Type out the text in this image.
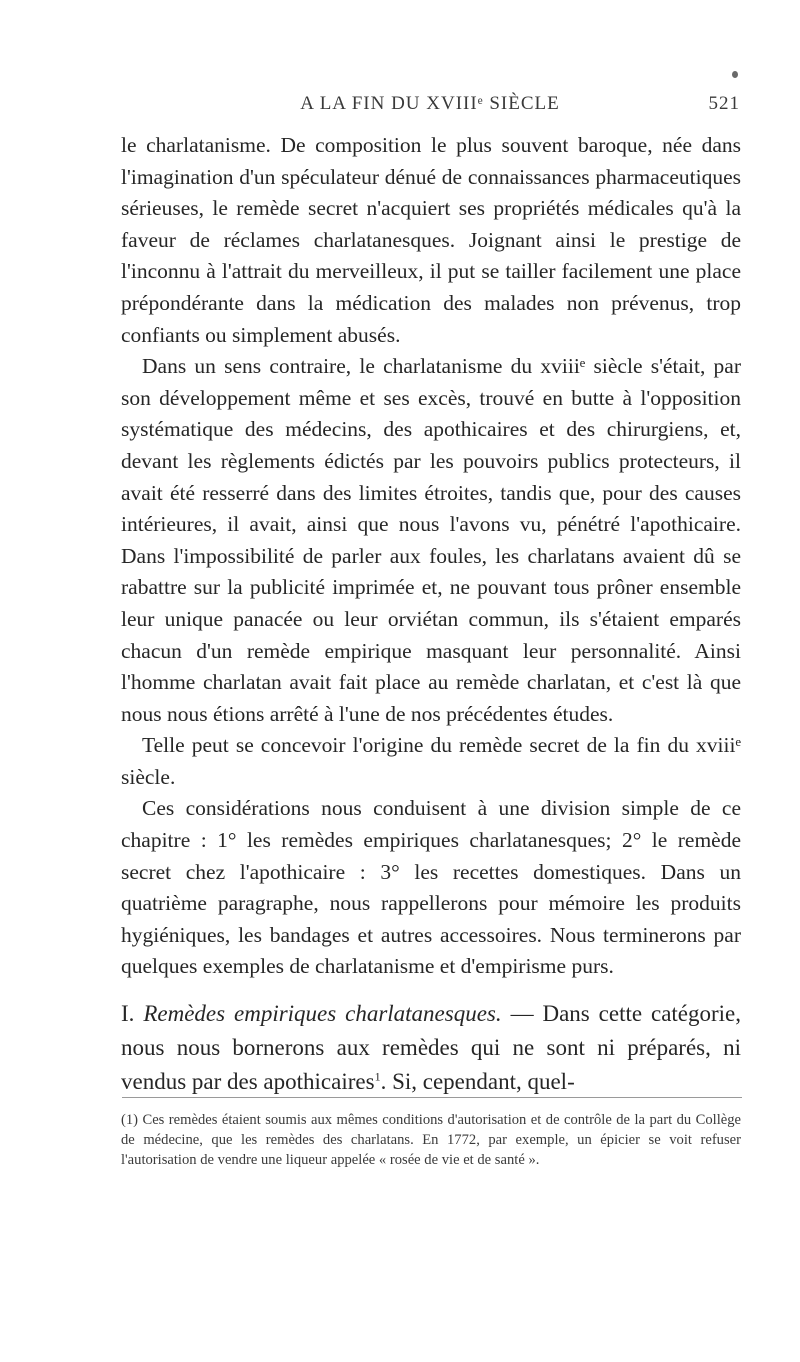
A LA FIN DU XVIIIᵉ SIÈCLE	521

le charlatanisme. De composition le plus souvent baroque, née dans l'imagination d'un spéculateur dénué de connaissances pharmaceutiques sérieuses, le remède secret n'acquiert ses propriétés médicales qu'à la faveur de réclames charlatanesques. Joignant ainsi le prestige de l'inconnu à l'attrait du merveilleux, il put se tailler facilement une place prépondérante dans la médication des malades non prévenus, trop confiants ou simplement abusés.

Dans un sens contraire, le charlatanisme du xviiiᵉ siècle s'était, par son développement même et ses excès, trouvé en butte à l'opposition systématique des médecins, des apothicaires et des chirurgiens, et, devant les règlements édictés par les pouvoirs publics protecteurs, il avait été resserré dans des limites étroites, tandis que, pour des causes intérieures, il avait, ainsi que nous l'avons vu, pénétré l'apothicaire. Dans l'impossibilité de parler aux foules, les charlatans avaient dû se rabattre sur la publicité imprimée et, ne pouvant tous prôner ensemble leur unique panacée ou leur orviétan commun, ils s'étaient emparés chacun d'un remède empirique masquant leur personnalité. Ainsi l'homme charlatan avait fait place au remède charlatan, et c'est là que nous nous étions arrêté à l'une de nos précédentes études.

Telle peut se concevoir l'origine du remède secret de la fin du xviiiᵉ siècle.

Ces considérations nous conduisent à une division simple de ce chapitre : 1° les remèdes empiriques charlatanesques; 2° le remède secret chez l'apothicaire : 3° les recettes domestiques. Dans un quatrième paragraphe, nous rappellerons pour mémoire les produits hygiéniques, les bandages et autres accessoires. Nous terminerons par quelques exemples de charlatanisme et d'empirisme purs.

I. Remèdes empiriques charlatanesques. — Dans cette catégorie, nous nous bornerons aux remèdes qui ne sont ni préparés, ni vendus par des apothicaires$^1$. Si, cependant, quel-

(1) Ces remèdes étaient soumis aux mêmes conditions d'autorisation et de contrôle de la part du Collège de médecine, que les remèdes des charlatans. En 1772, par exemple, un épicier se voit refuser l'autorisation de vendre une liqueur appelée « rosée de vie et de santé ».
